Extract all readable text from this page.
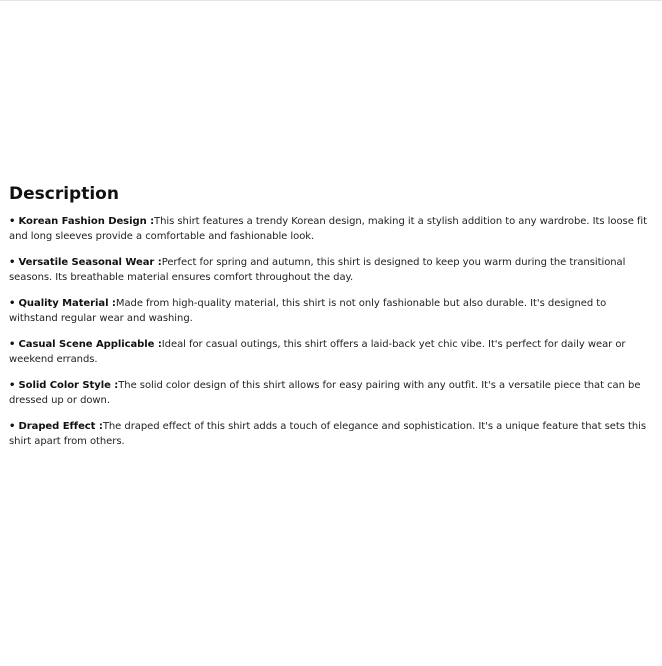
Description
• Korean Fashion Design :This shirt features a trendy Korean design, making it a stylish addition to any wardrobe. Its loose fit and long sleeves provide a comfortable and fashionable look.
• Versatile Seasonal Wear :Perfect for spring and autumn, this shirt is designed to keep you warm during the transitional seasons. Its breathable material ensures comfort throughout the day.
• Quality Material :Made from high-quality material, this shirt is not only fashionable but also durable. It's designed to withstand regular wear and washing.
• Casual Scene Applicable :Ideal for casual outings, this shirt offers a laid-back yet chic vibe. It's perfect for daily wear or weekend errands.
• Solid Color Style :The solid color design of this shirt allows for easy pairing with any outfit. It's a versatile piece that can be dressed up or down.
• Draped Effect :The draped effect of this shirt adds a touch of elegance and sophistication. It's a unique feature that sets this shirt apart from others.
